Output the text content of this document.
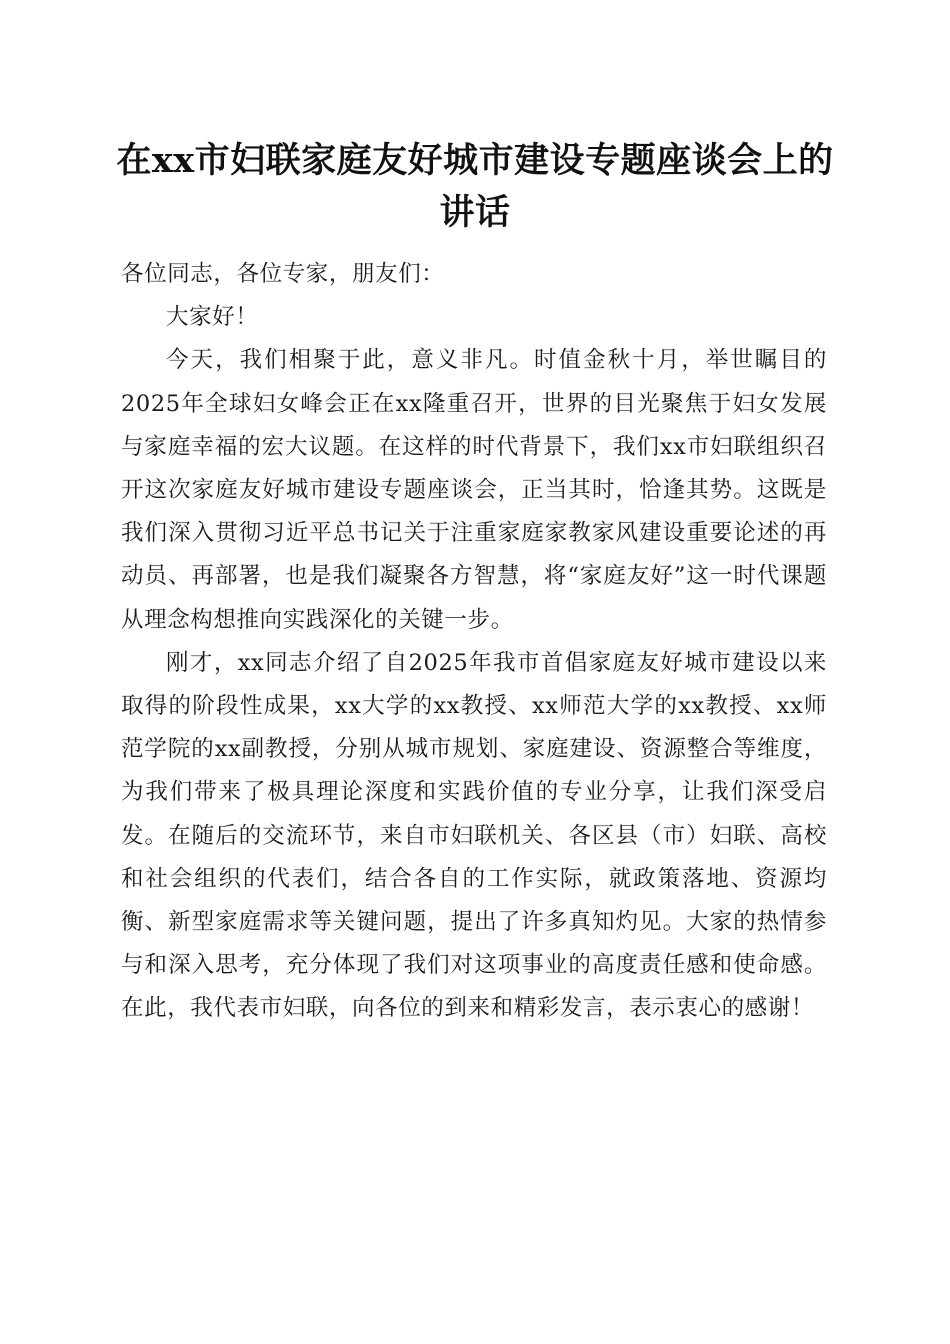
在xx市妇联家庭友好城市建设专题座谈会上的讲话

各位同志，各位专家，朋友们：

大家好！

今天，我们相聚于此，意义非凡。时值金秋十月，举世瞩目的2025年全球妇女峰会正在xx隆重召开，世界的目光聚焦于妇女发展与家庭幸福的宏大议题。在这样的时代背景下，我们xx市妇联组织召开这次家庭友好城市建设专题座谈会，正当其时，恰逢其势。这既是我们深入贯彻习近平总书记关于注重家庭家教家风建设重要论述的再动员、再部署，也是我们凝聚各方智慧，将“家庭友好”这一时代课题从理念构想推向实践深化的关键一步。

刚才，xx同志介绍了自2025年我市首倡家庭友好城市建设以来取得的阶段性成果，xx大学的xx教授、xx师范大学的xx教授、xx师范学院的xx副教授，分别从城市规划、家庭建设、资源整合等维度，为我们带来了极具理论深度和实践价值的专业分享，让我们深受启发。在随后的交流环节，来自市妇联机关、各区县（市）妇联、高校和社会组织的代表们，结合各自的工作实际，就政策落地、资源均衡、新型家庭需求等关键问题，提出了许多真知灼见。大家的热情参与和深入思考，充分体现了我们对这项事业的高度责任感和使命感。在此，我代表市妇联，向各位的到来和精彩发言，表示衷心的感谢！
